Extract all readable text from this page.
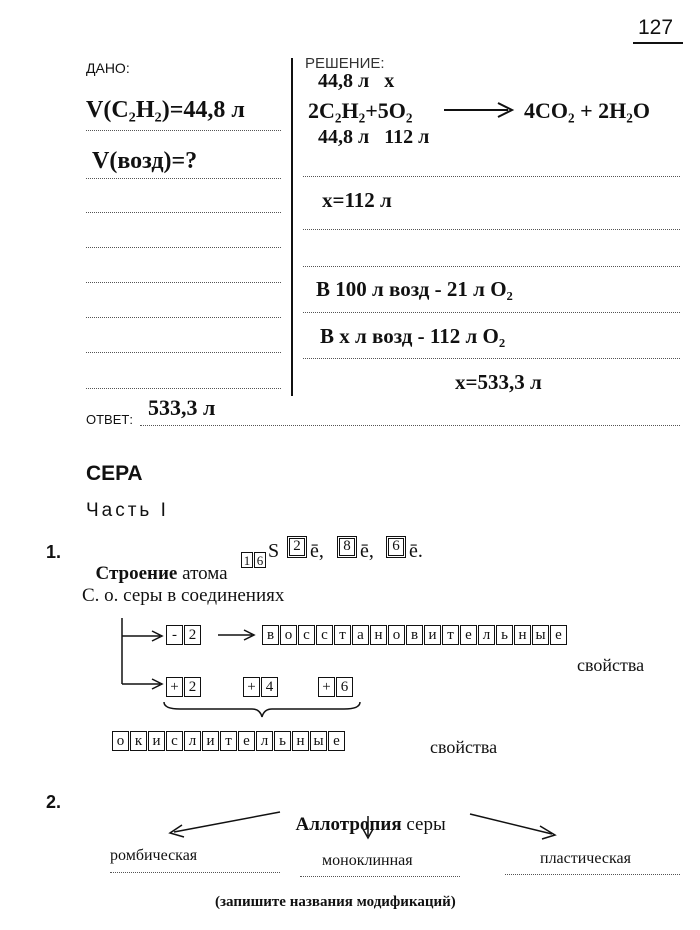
127
ДАНО:
V(C₂H₂)=44,8 л
V(возд)=?
РЕШЕНИЕ:
44,8 л   x
2C₂H₂+5O₂	4CO₂ + 2H₂O
44,8 л   112 л
x=112 л
В 100 л возд - 21 л O₂
В x л возд - 112 л O₂
x=533,3 л
ОТВЕТ: 533,3 л
СЕРА
Часть I
1.

Строение атома

1 6 S 2 ē,	8 ē,	6 ē.
С. о. серы в соединениях
- 2	в о с с т а н о в и т е л ь н ы е
свойства
+ 2	+ 4	+ 6
о к и с л и т е л ь н ы е	свойства
2.

Аллотропия серы

ромбическая	моноклинная	пластическая
(запишите названия модификаций)
